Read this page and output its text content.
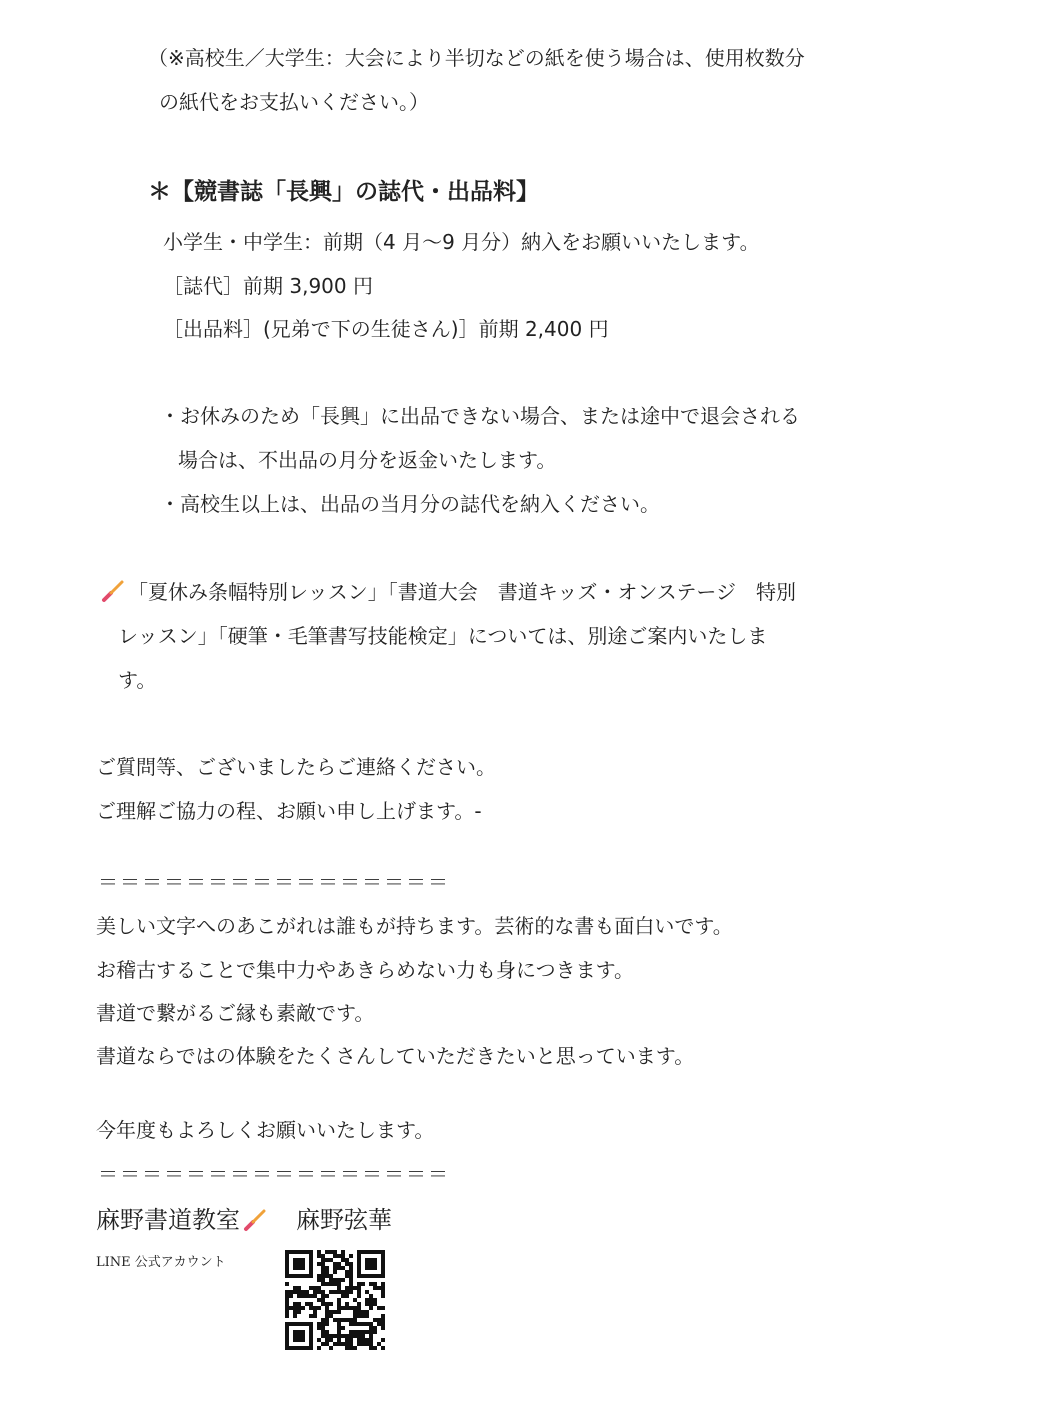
（※高校生／大学生：大会により半切などの紙を使う場合は、使用枚数分
の紙代をお支払いください。）
＊【競書誌「長興」の誌代・出品料】
小学生・中学生：前期（4 月～9 月分）納入をお願いいたします。
［誌代］前期 3,900 円
［出品料］(兄弟で下の生徒さん)］前期 2,400 円
・お休みのため「長興」に出品できない場合、または途中で退会される
場合は、不出品の月分を返金いたします。
・高校生以上は、出品の当月分の誌代を納入ください。
「夏休み条幅特別レッスン」「書道大会　書道キッズ・オンステージ　特別
レッスン」「硬筆・毛筆書写技能検定」については、別途ご案内いたしま
す。
ご質問等、ございましたらご連絡ください。
ご理解ご協力の程、お願い申し上げます。-
＝＝＝＝＝＝＝＝＝＝＝＝＝＝＝＝
美しい文字へのあこがれは誰もが持ちます。芸術的な書も面白いです。
お稽古することで集中力やあきらめない力も身につきます。
書道で繋がるご縁も素敵です。
書道ならではの体験をたくさんしていただきたいと思っています。
今年度もよろしくお願いいたします。
＝＝＝＝＝＝＝＝＝＝＝＝＝＝＝＝
麻野書道教室 麻野弦華
LINE 公式アカウント
